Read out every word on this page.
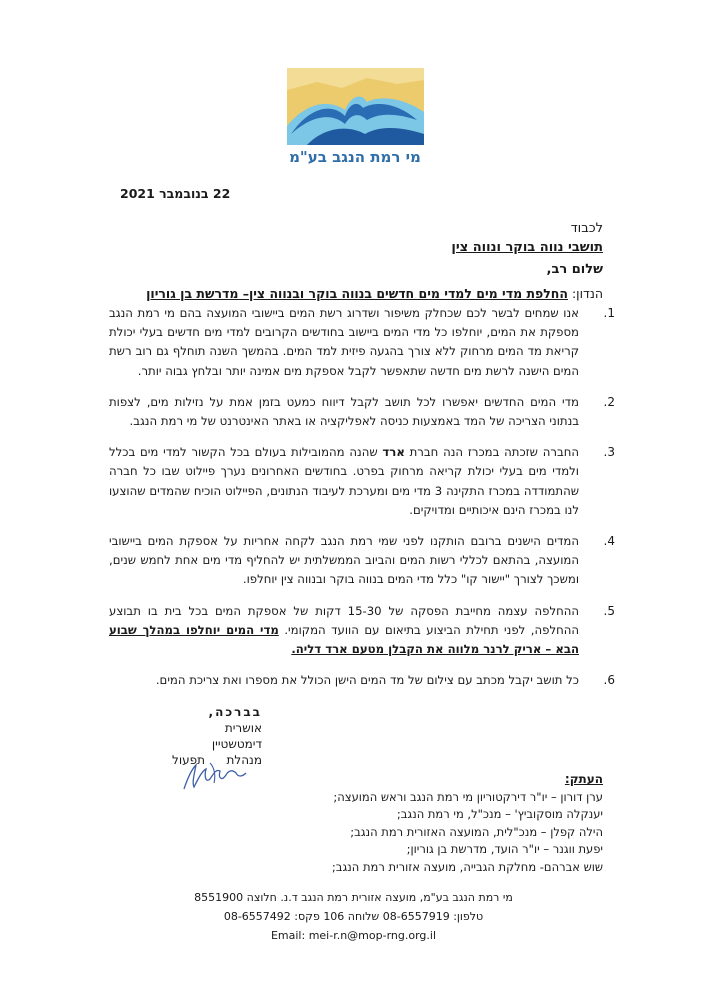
מי רמת הנגב בע"מ
22 בנובמבר 2021
לכבוד
תושבי נווה בוקר ונווה צין
שלום רב,
הנדון: החלפת מדי מים למדי מים חדשים בנווה בוקר ובנווה צין– מדרשת בן גוריון
1.
אנו שמחים לבשר לכם שכחלק משיפור ושדרוג רשת המים ביישובי המועצה בהם מי רמת הנגב מספקת את המים, יוחלפו כל מדי המים ביישוב בחודשים הקרובים למדי מים חדשים בעלי יכולת קריאת מד המים מרחוק ללא צורך בהגעה פיזית למד המים. בהמשך השנה תוחלף גם רוב רשת המים הישנה לרשת מים חדשה שתאפשר לקבל אספקת מים אמינה יותר ובלחץ גבוה יותר.
2.
מדי המים החדשים יאפשרו לכל תושב לקבל דיווח כמעט בזמן אמת על נזילות מים, לצפות בנתוני הצריכה של המד באמצעות כניסה לאפליקציה או באתר האינטרנט של מי רמת הנגב.
3.
החברה שזכתה במכרז הנה חברת ארד שהנה מהמובילות בעולם בכל הקשור למדי מים בכלל ולמדי מים בעלי יכולת קריאה מרחוק בפרט. בחודשים האחרונים נערך פיילוט שבו כל חברה שהתמודדה במכרז התקינה 3 מדי מים ומערכת לעיבוד הנתונים, הפיילוט הוכיח שהמדים שהוצעו לנו במכרז הינם איכותיים ומדויקים.
4.
המדים הישנים ברובם הותקנו לפני שמי רמת הנגב לקחה אחריות על אספקת המים ביישובי המועצה, בהתאם לכללי רשות המים והביוב הממשלתית יש להחליף מדי מים אחת לחמש שנים, ומשכך לצורך "יישור קו" כלל מדי המים בנווה בוקר ובנווה צין יוחלפו.
5.
ההחלפה עצמה מחייבת הפסקה של 15-30 דקות של אספקת המים בכל בית בו תבוצע ההחלפה, לפני תחילת הביצוע בתיאום עם הוועד המקומי. מדי המים יוחלפו במהלך שבוע הבא – אריק לרנר מלווה את הקבלן מטעם ארד דליה.
6.
כל תושב יקבל מכתב עם צילום של מד המים הישן הכולל את מספרו ואת צריכת המים.
בברכה,
אושרית דימטשטיין
מנהלת
תפעול
העתק:
ערן דורון – יו"ר דירקטוריון מי רמת הנגב וראש המועצה;
יענקלה מוסקוביץ' – מנכ"ל, מי רמת הנגב;
הילה קפלן – מנכ"לית, המועצה האזורית רמת הנגב;
יפעת ווגנר – יו"ר הועד, מדרשת בן גוריון;
שוש אברהם- מחלקת הגבייה, מועצה אזורית רמת הנגב;
מי רמת הנגב בע"מ, מועצה אזורית רמת הנגב ד.נ. חלוצה 8551900
טלפון: 08-6557919 שלוחה 106 פקס: 08-6557492
Email: mei-r.n@mop-rng.org.il
